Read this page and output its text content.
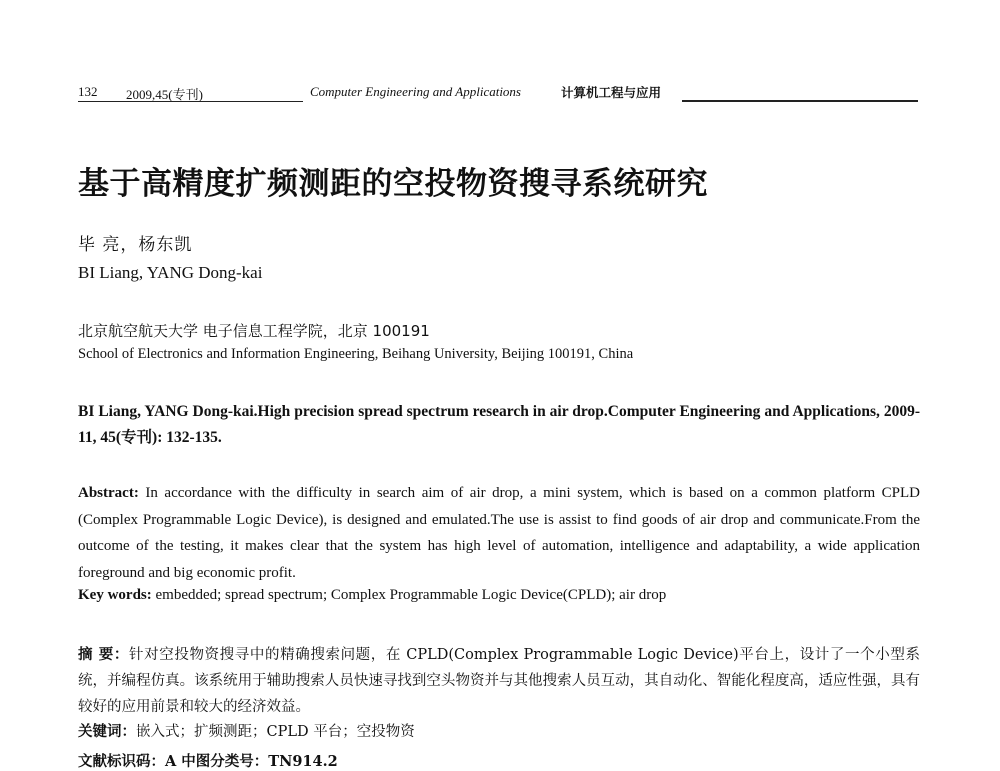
132 2009,45(专刊)	Computer Engineering and Applications	计算机工程与应用
基于高精度扩频测距的空投物资搜寻系统研究
毕 亮，杨东凯
BI Liang, YANG Dong-kai
北京航空航天大学 电子信息工程学院，北京 100191
School of Electronics and Information Engineering, Beihang University, Beijing 100191, China
BI Liang, YANG Dong-kai.High precision spread spectrum research in air drop.Computer Engineering and Applications, 2009-11, 45(专刊): 132-135.
Abstract: In accordance with the difficulty in search aim of air drop, a mini system, which is based on a common platform CPLD (Complex Programmable Logic Device), is designed and emulated.The use is assist to find goods of air drop and communicate.From the outcome of the testing, it makes clear that the system has high level of automation, intelligence and adaptability, a wide application foreground and big economic profit.
Key words: embedded; spread spectrum; Complex Programmable Logic Device(CPLD); air drop
摘 要：针对空投物资搜寻中的精确搜索问题，在 CPLD(Complex Programmable Logic Device)平台上，设计了一个小型系统，并编程仿真。该系统用于辅助搜索人员快速寻找到空头物资并与其他搜索人员互动，其自动化、智能化程度高，适应性强，具有较好的应用前景和较大的经济效益。
关键词：嵌入式；扩频测距；CPLD 平台；空投物资
文献标识码：A 中图分类号：TN914.2
